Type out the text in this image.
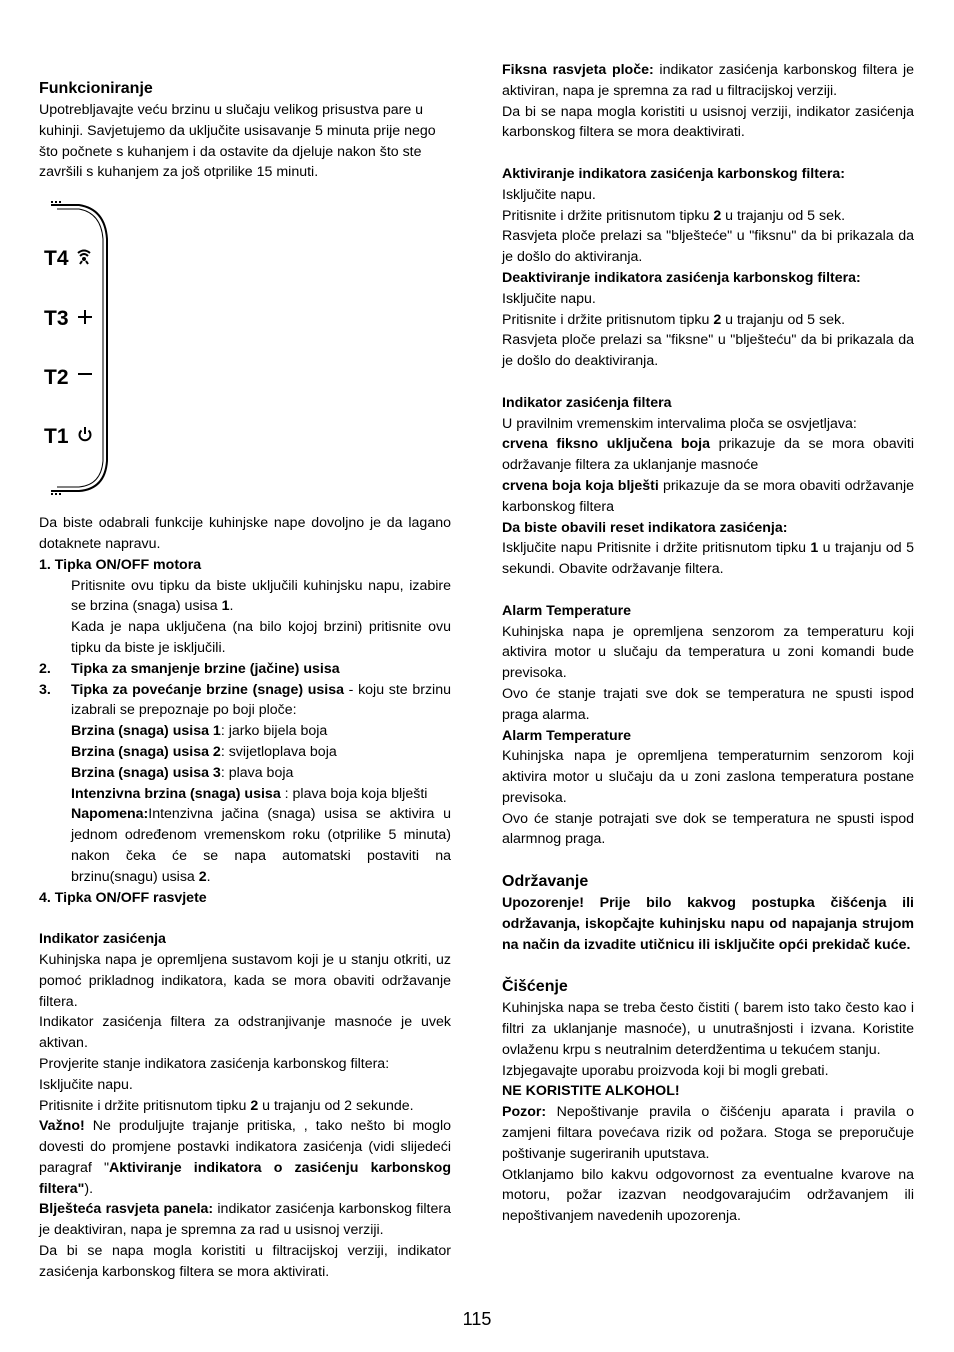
Funkcioniranje

Upotrebljavajte veću brzinu u slučaju velikog prisustva pare u kuhinji. Savjetujemo da uključite usisavanje 5 minuta prije nego što počnete s kuhanjem i da ostavite da djeluje nakon što ste završili s kuhanjem za još otprilike 15 minuti.

T4
T3
T2
T1

Da biste odabrali funkcije kuhinjske nape dovoljno je da lagano dotaknete napravu.

1. Tipka ON/OFF motora

Pritisnite ovu tipku da biste uključili kuhinjsku napu, izabire se brzina (snaga) usisa 1.

Kada je napa uključena (na bilo kojoj brzini) pritisnite ovu tipku da biste je isključili.

2.	Tipka za smanjenje brzine (jačine) usisa
3.	Tipka za povećanje brzine (snage) usisa - koju ste brzinu izabrali se prepoznaje po boji ploče:

Brzina (snaga) usisa 1: jarko bijela boja

Brzina (snaga) usisa 2: svijetloplava boja

Brzina (snaga) usisa 3: plava boja

Intenzivna brzina (snaga) usisa : plava boja koja blješti

Napomena:Intenzivna jačina (snaga) usisa se aktivira u jednom određenom vremenskom roku (otprilike 5 minuta) nakon čeka će se napa automatski postaviti na brzinu(snagu) usisa 2.

4. Tipka ON/OFF rasvjete

Indikator zasićenja

Kuhinjska napa je opremljena sustavom koji je u stanju otkriti, uz pomoć prikladnog indikatora, kada se mora obaviti održavanje filtera.

Indikator zasićenja filtera za odstranjivanje masnoće je uvek aktivan.

Provjerite stanje indikatora zasićenja karbonskog filtera:

Isključite napu.

Pritisnite i držite pritisnutom tipku 2 u trajanju od 2 sekunde.

Važno! Ne produljujte trajanje pritiska, , tako nešto bi moglo dovesti do promjene postavki indikatora zasićenja (vidi slijedeći paragraf "Aktiviranje indikatora o zasićenju karbonskog filtera").

Blješteća rasvjeta panela: indikator zasićenja karbonskog filtera je deaktiviran, napa je spremna za rad u usisnoj verziji.

Da bi se napa mogla koristiti u filtracijskoj verziji, indikator zasićenja karbonskog filtera se mora aktivirati.

Fiksna rasvjeta ploče: indikator zasićenja karbonskog filtera je aktiviran, napa je spremna za rad u filtracijskoj verziji.

Da bi se napa mogla koristiti u usisnoj verziji, indikator zasićenja karbonskog filtera se mora deaktivirati.

Aktiviranje indikatora zasićenja karbonskog filtera:

Isključite napu.

Pritisnite i držite pritisnutom tipku 2 u trajanju od 5 sek.

Rasvjeta ploče prelazi sa "blješteće" u "fiksnu" da bi prikazala da je došlo do aktiviranja.

Deaktiviranje indikatora zasićenja karbonskog filtera:

Isključite napu.

Pritisnite i držite pritisnutom tipku 2 u trajanju od 5 sek.

Rasvjeta ploče prelazi sa "fiksne" u "blješteću" da bi prikazala da je došlo do deaktiviranja.

Indikator zasićenja filtera

U pravilnim vremenskim intervalima ploča se osvjetljava:

crvena fiksno uključena boja prikazuje da se mora obaviti održavanje filtera za uklanjanje masnoće

crvena boja koja blješti prikazuje da se mora obaviti održavanje karbonskog filtera

Da biste obavili reset indikatora zasićenja:

Isključite napu Pritisnite i držite pritisnutom tipku 1 u trajanju od 5 sekundi. Obavite održavanje filtera.

Alarm Temperature

Kuhinjska napa je opremljena senzorom za temperaturu koji aktivira motor u slučaju da temperatura u zoni komandi bude previsoka.

Ovo će stanje trajati sve dok se temperatura ne spusti ispod praga alarma.

Alarm Temperature

Kuhinjska napa je opremljena temperaturnim senzorom koji aktivira motor u slučaju da u zoni zaslona temperatura postane previsoka.

Ovo će stanje potrajati sve dok se temperatura ne spusti ispod alarmnog praga.

Održavanje

Upozorenje! Prije bilo kakvog postupka čišćenja ili održavanja, iskopčajte kuhinjsku napu od napajanja strujom na način da izvadite utičnicu ili isključite opći prekidač kuće.

Čišćenje

Kuhinjska napa se treba često čistiti ( barem isto tako često kao i filtri za uklanjanje masnoće), u unutrašnjosti i izvana. Koristite ovlaženu krpu s neutralnim deterdžentima u tekućem stanju.

Izbjegavajte uporabu proizvoda koji bi mogli grebati.

NE KORISTITE ALKOHOL!

Pozor: Nepoštivanje pravila o čišćenju aparata i pravila o zamjeni filtara povećava rizik od požara. Stoga se preporučuje poštivanje sugeriranih uputstava.

Otklanjamo bilo kakvu odgovornost za eventualne kvarove na motoru, požar izazvan neodgovarajućim održavanjem ili nepoštivanjem navedenih upozorenja.

115
